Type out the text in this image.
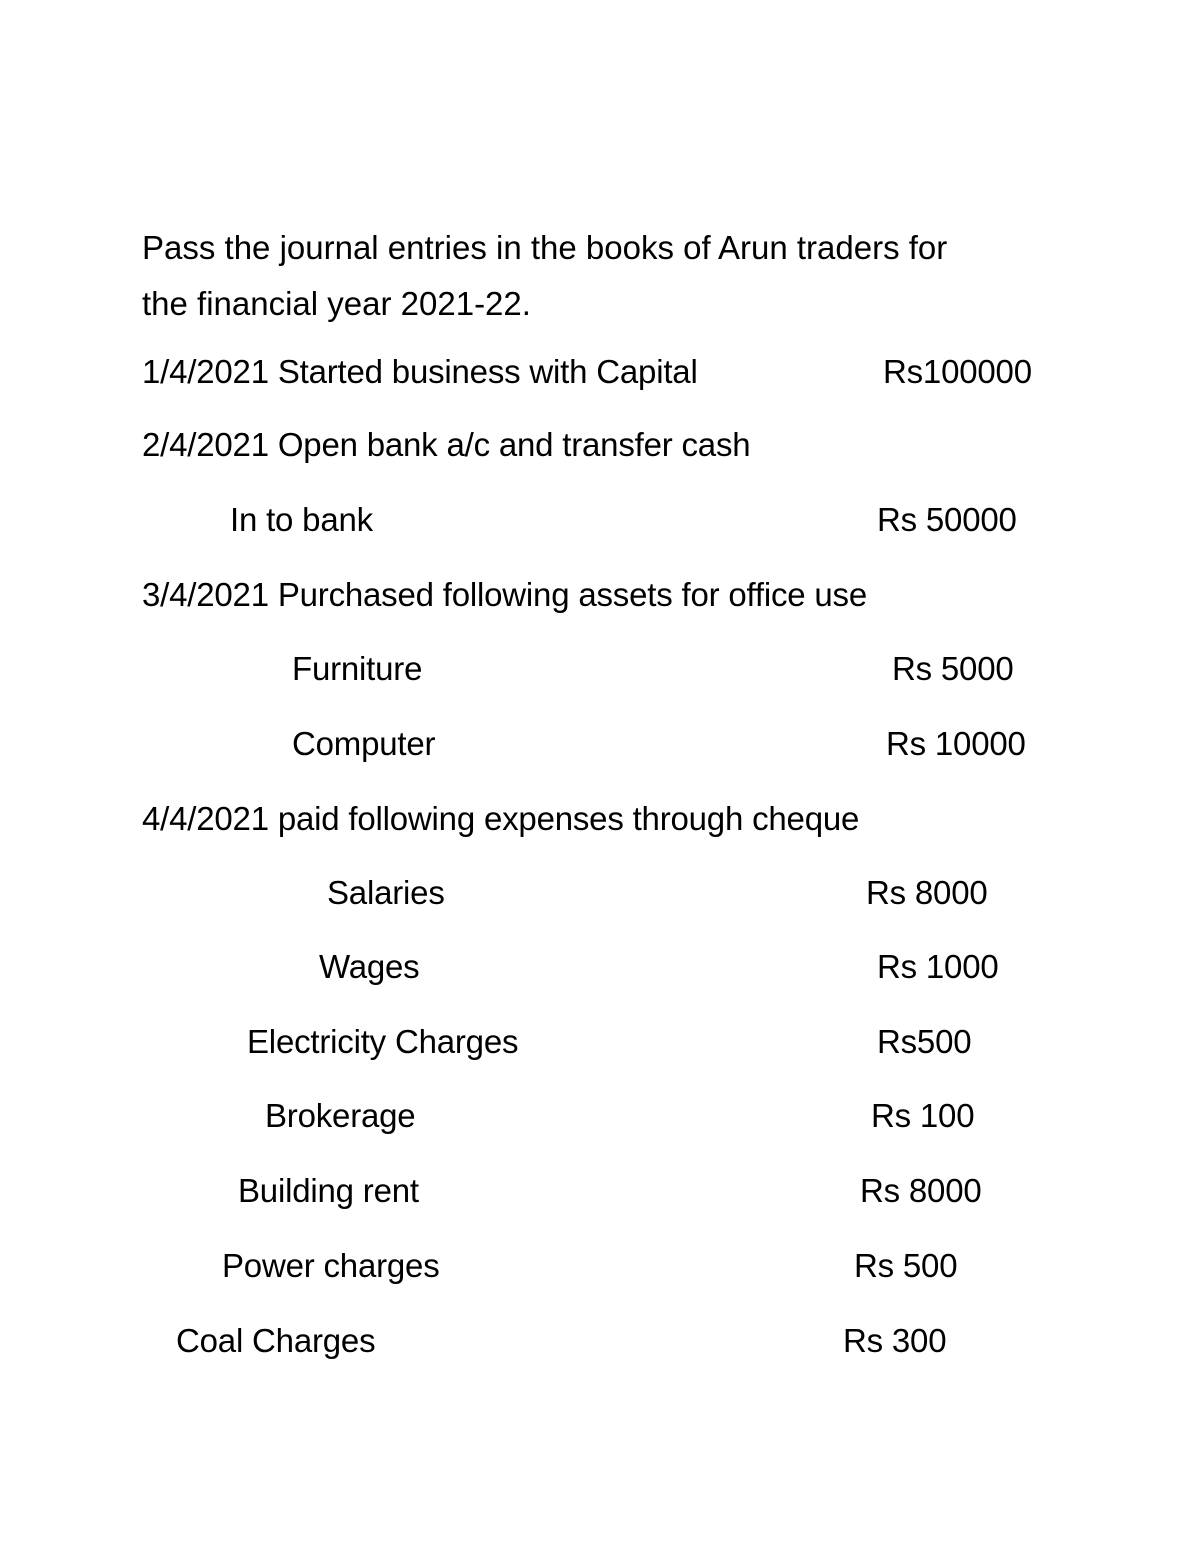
Pass the journal entries in the books of Arun traders for
the financial year 2021-22.
1/4/2021 Started business with Capital	Rs100000
2/4/2021 Open bank a/c and transfer cash
In to bank	Rs 50000
3/4/2021 Purchased following assets for office use
Furniture	Rs 5000
Computer	Rs 10000
4/4/2021 paid following expenses through cheque
Salaries	Rs 8000
Wages	Rs 1000
Electricity Charges	Rs500
Brokerage	Rs 100
Building rent	Rs 8000
Power charges	Rs 500
Coal Charges	Rs 300
